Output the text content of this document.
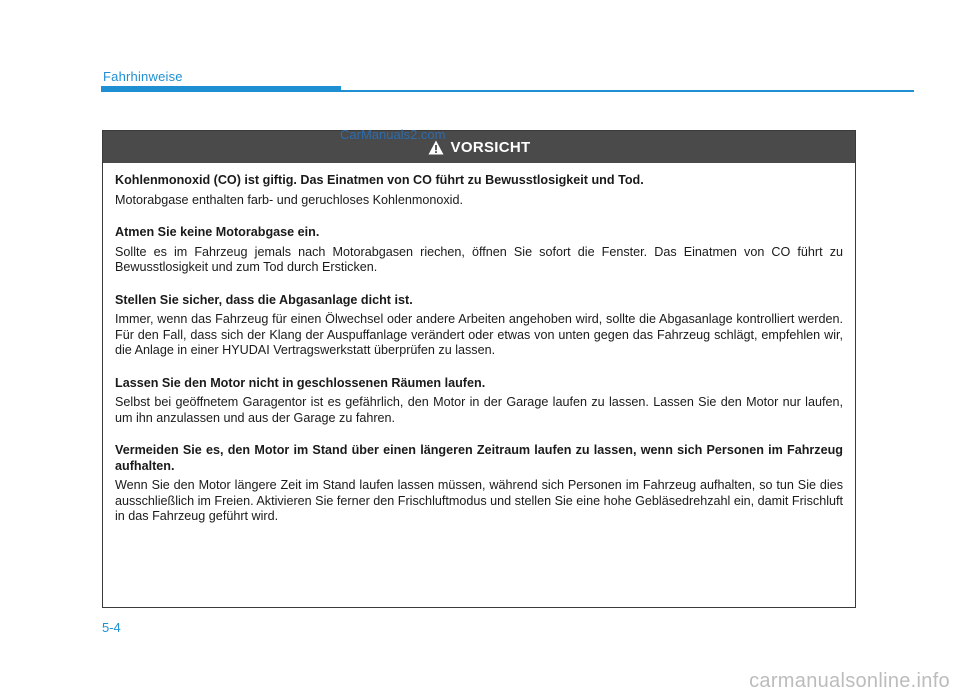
Fahrhinweise
VORSICHT
Kohlenmonoxid (CO) ist giftig. Das Einatmen von CO führt zu Bewusstlosigkeit und Tod.
Motorabgase enthalten farb- und geruchloses Kohlenmonoxid.
Atmen Sie keine Motorabgase ein.
Sollte es im Fahrzeug jemals nach Motorabgasen riechen, öffnen Sie sofort die Fenster. Das Einatmen von CO führt zu Bewusstlosigkeit und zum Tod durch Ersticken.
Stellen Sie sicher, dass die Abgasanlage dicht ist.
Immer, wenn das Fahrzeug für einen Ölwechsel oder andere Arbeiten angehoben wird, sollte die Abgasanlage kontrolliert werden. Für den Fall, dass sich der Klang der Auspuffanlage verändert oder etwas von unten gegen das Fahrzeug schlägt, empfehlen wir, die Anlage in einer HYUDAI Vertragswerkstatt überprüfen zu lassen.
Lassen Sie den Motor nicht in geschlossenen Räumen laufen.
Selbst bei geöffnetem Garagentor ist es gefährlich, den Motor in der Garage laufen zu lassen. Lassen Sie den Motor nur laufen, um ihn anzulassen und aus der Garage zu fahren.
Vermeiden Sie es, den Motor im Stand über einen längeren Zeitraum laufen zu lassen, wenn sich Personen im Fahrzeug aufhalten.
Wenn Sie den Motor längere Zeit im Stand laufen lassen müssen, während sich Personen im Fahrzeug aufhalten, so tun Sie dies ausschließlich im Freien. Aktivieren Sie ferner den Frischluftmodus und stellen Sie eine hohe Gebläsedrehzahl ein, damit Frischluft in das Fahrzeug geführt wird.
CarManuals2.com
5-4
carmanualsonline.info
